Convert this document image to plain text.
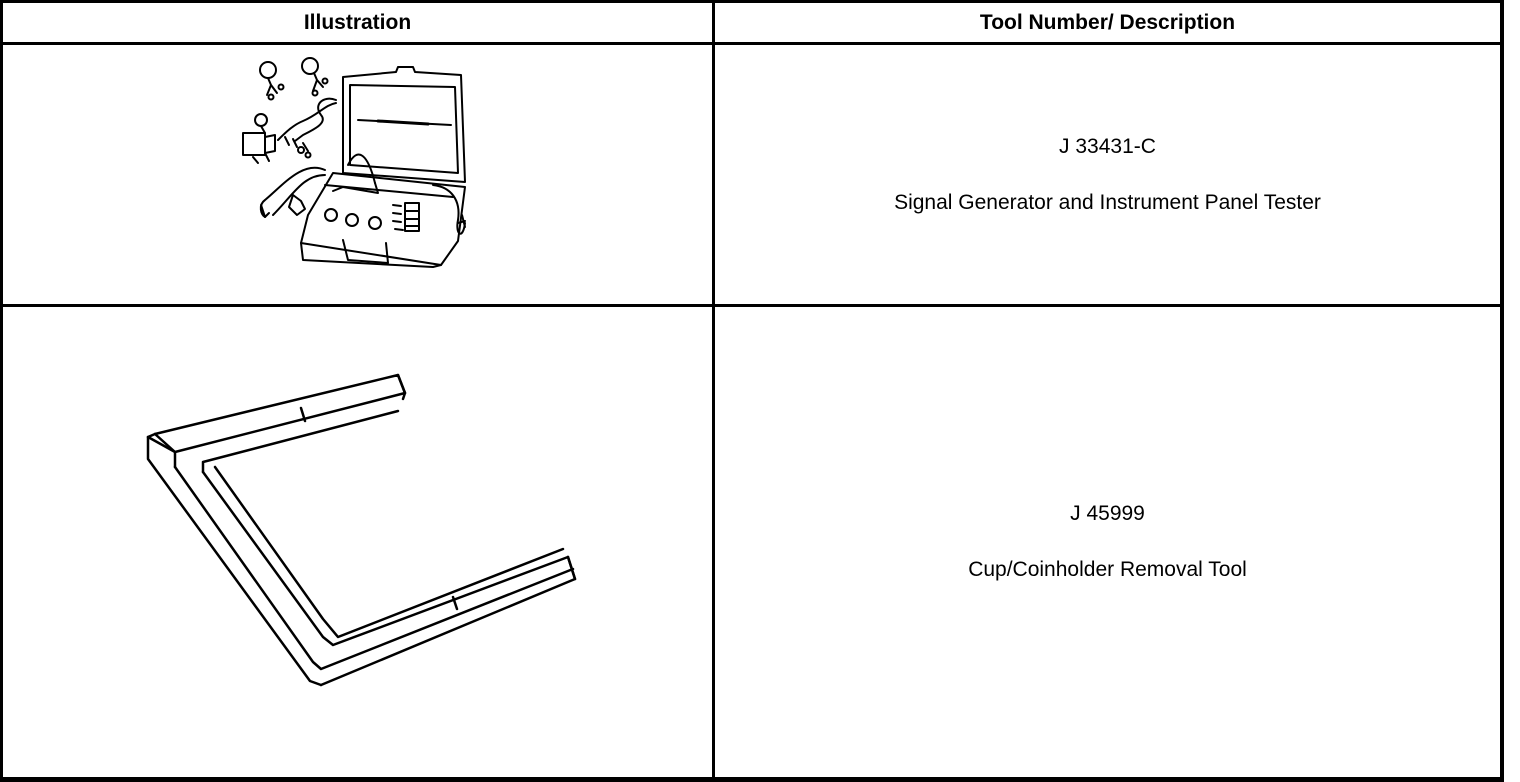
Illustration	Tool Number/ Description
J 33431-C
Signal Generator and Instrument Panel Tester
J 45999
Cup/Coinholder Removal Tool
